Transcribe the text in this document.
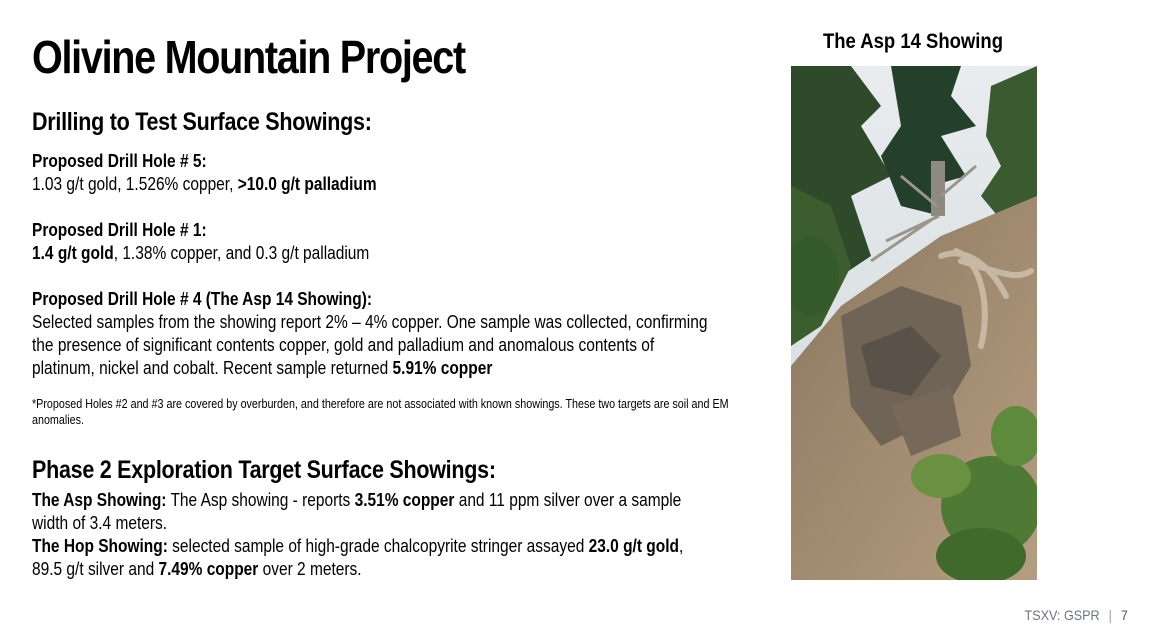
Olivine Mountain Project
Drilling to Test Surface Showings:
Proposed Drill Hole # 5:
1.03 g/t gold, 1.526% copper, >10.0 g/t palladium
Proposed Drill Hole # 1:
1.4 g/t gold, 1.38% copper, and 0.3 g/t palladium
Proposed Drill Hole # 4 (The Asp 14 Showing):
Selected samples from the showing report 2% – 4% copper. One sample was collected, confirming the presence of significant contents copper, gold and palladium and anomalous contents of platinum, nickel and cobalt. Recent sample returned 5.91% copper
*Proposed Holes #2 and #3 are covered by overburden, and therefore are not associated with known showings. These two targets are soil and EM anomalies.
Phase 2 Exploration Target Surface Showings:
The Asp Showing: The Asp showing - reports 3.51% copper and 11 ppm silver over a sample width of 3.4 meters.
The Hop Showing: selected sample of high-grade chalcopyrite stringer assayed 23.0 g/t gold, 89.5 g/t silver and 7.49% copper over 2 meters.
The Asp 14 Showing
TSXV: GSPR | 7
